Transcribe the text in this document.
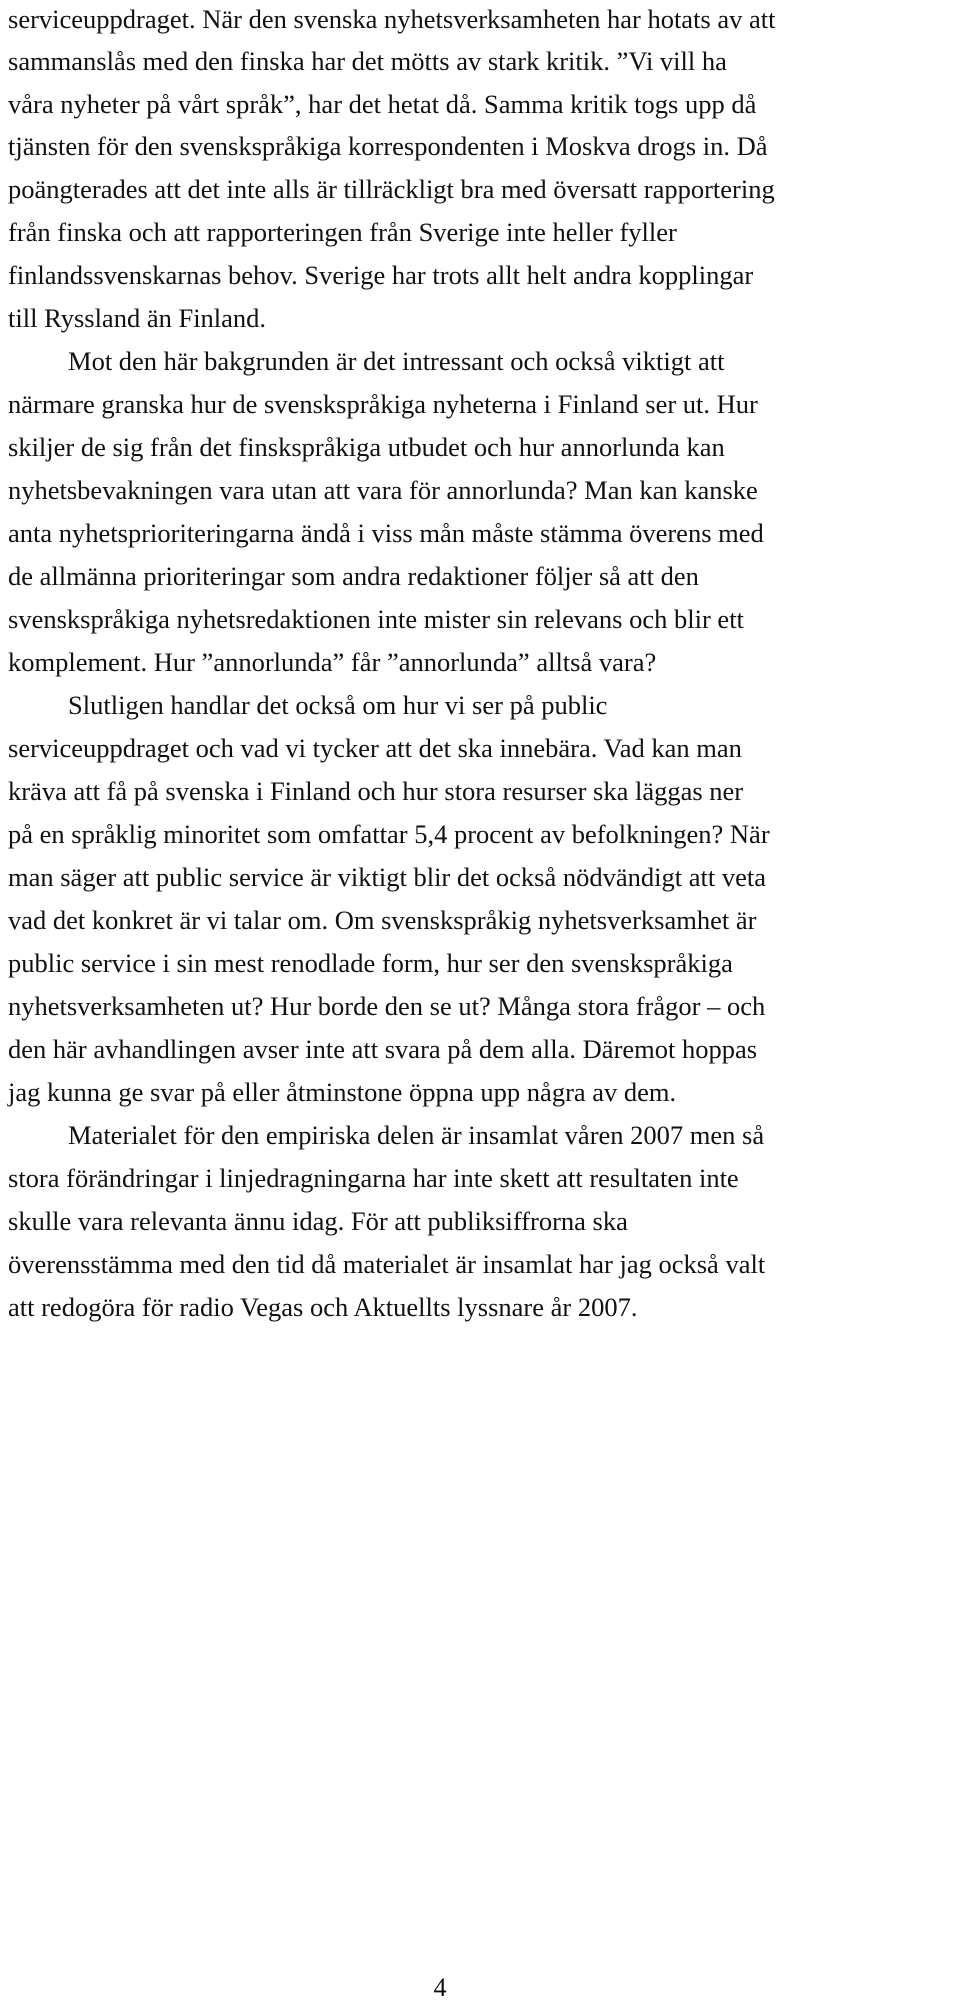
serviceuppdraget. När den svenska nyhetsverksamheten har hotats av att
sammanslås med den finska har det mötts av stark kritik. ”Vi vill ha
våra nyheter på vårt språk”, har det hetat då. Samma kritik togs upp då
tjänsten för den svenskspråkiga korrespondenten i Moskva drogs in. Då
poängterades att det inte alls är tillräckligt bra med översatt rapportering
från finska och att rapporteringen från Sverige inte heller fyller
finlandssvenskarnas behov. Sverige har trots allt helt andra kopplingar
till Ryssland än Finland.
Mot den här bakgrunden är det intressant och också viktigt att
närmare granska hur de svenskspråkiga nyheterna i Finland ser ut. Hur
skiljer de sig från det finskspråkiga utbudet och hur annorlunda kan
nyhetsbevakningen vara utan att vara för annorlunda? Man kan kanske
anta nyhetsprioriteringarna ändå i viss mån måste stämma överens med
de allmänna prioriteringar som andra redaktioner följer så att den
svenskspråkiga nyhetsredaktionen inte mister sin relevans och blir ett
komplement. Hur ”annorlunda” får ”annorlunda” alltså vara?
Slutligen handlar det också om hur vi ser på public
serviceuppdraget och vad vi tycker att det ska innebära. Vad kan man
kräva att få på svenska i Finland och hur stora resurser ska läggas ner
på en språklig minoritet som omfattar 5,4 procent av befolkningen? När
man säger att public service är viktigt blir det också nödvändigt att veta
vad det konkret är vi talar om. Om svenskspråkig nyhetsverksamhet är
public service i sin mest renodlade form, hur ser den svenskspråkiga
nyhetsverksamheten ut? Hur borde den se ut? Många stora frågor – och
den här avhandlingen avser inte att svara på dem alla. Däremot hoppas
jag kunna ge svar på eller åtminstone öppna upp några av dem.
Materialet för den empiriska delen är insamlat våren 2007 men så
stora förändringar i linjedragningarna har inte skett att resultaten inte
skulle vara relevanta ännu idag. För att publiksiffrorna ska
överensstämma med den tid då materialet är insamlat har jag också valt
att redogöra för radio Vegas och Aktuellts lyssnare år 2007.
4
